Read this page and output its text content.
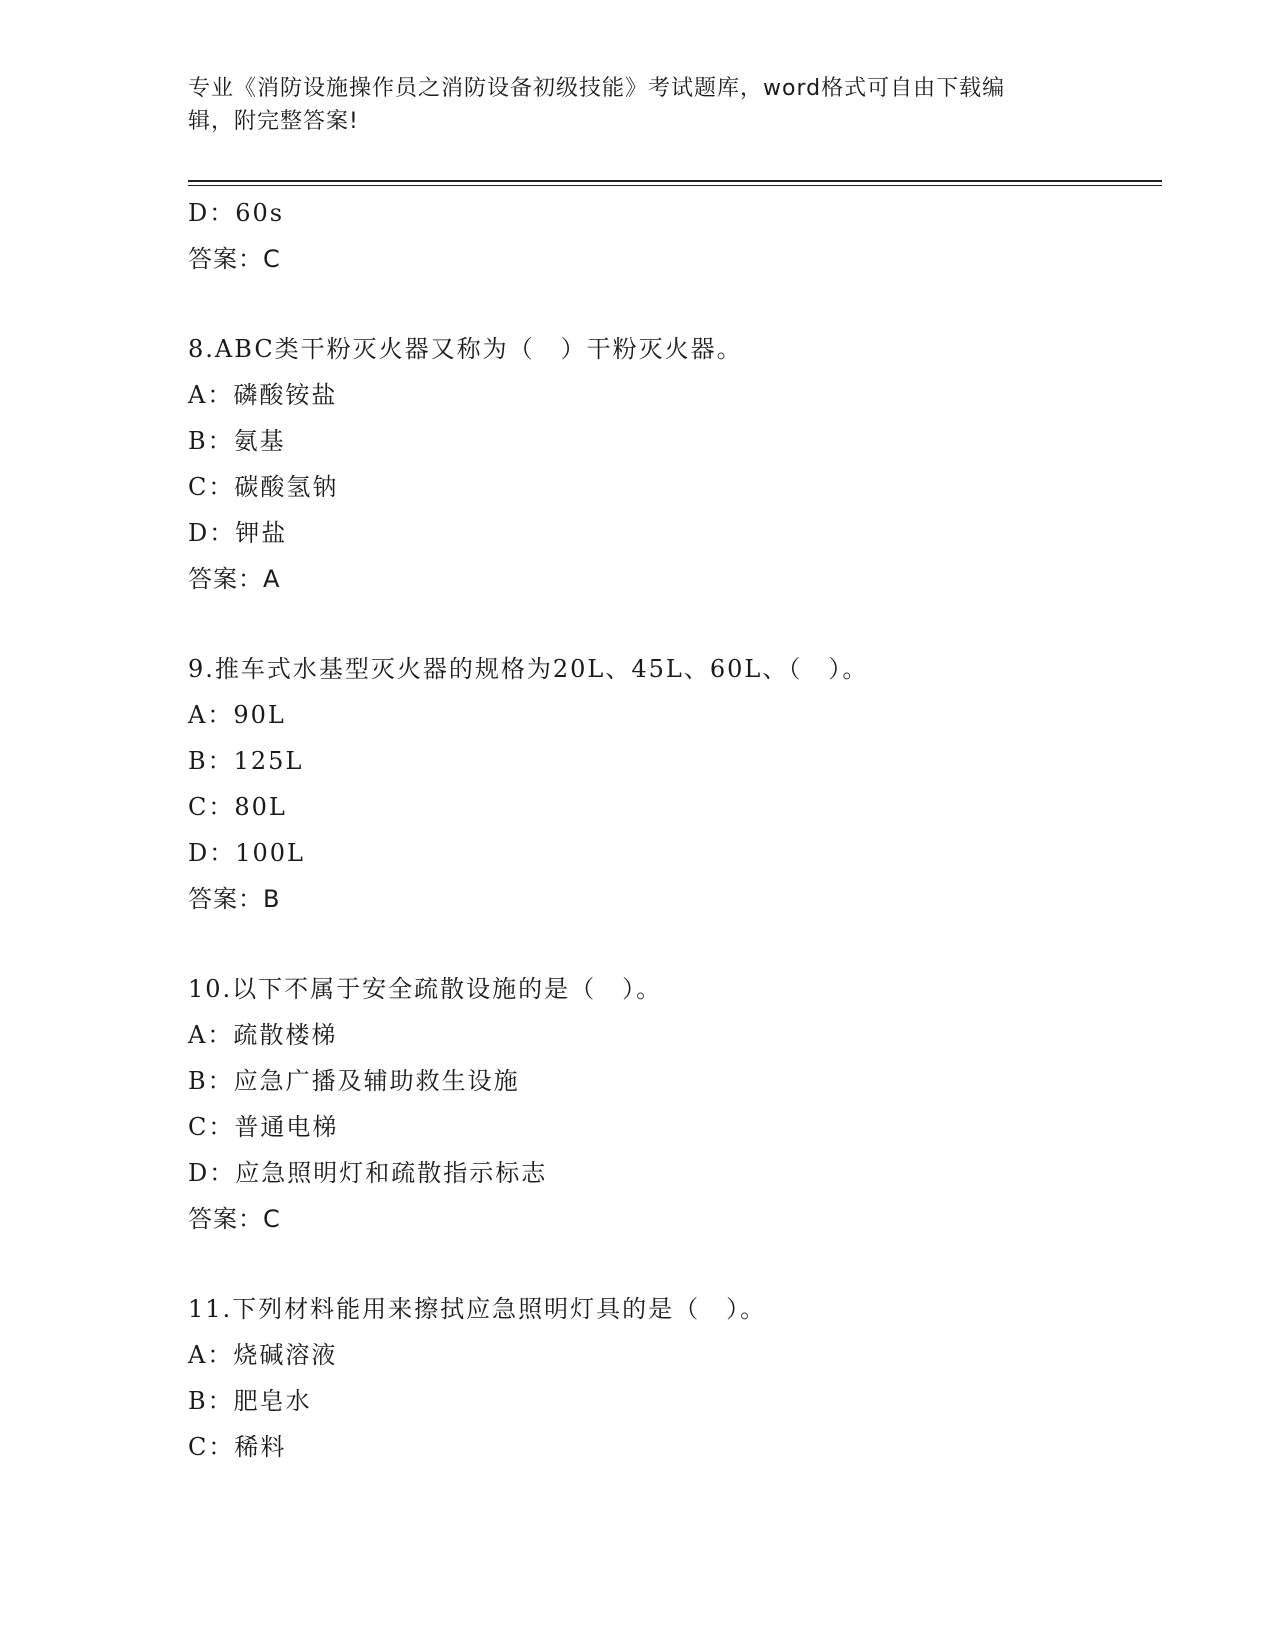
专业《消防设施操作员之消防设备初级技能》考试题库，word格式可自由下载编
辑，附完整答案!
D：60s
答案：C
8.ABC类干粉灭火器又称为（　）干粉灭火器。
A：磷酸铵盐
B：氨基
C：碳酸氢钠
D：钾盐
答案：A
9.推车式水基型灭火器的规格为20L、45L、60L、（　）。
A：90L
B：125L
C：80L
D：100L
答案：B
10.以下不属于安全疏散设施的是（　）。
A：疏散楼梯
B：应急广播及辅助救生设施
C：普通电梯
D：应急照明灯和疏散指示标志
答案：C
11.下列材料能用来擦拭应急照明灯具的是（　）。
A：烧碱溶液
B：肥皂水
C：稀料
